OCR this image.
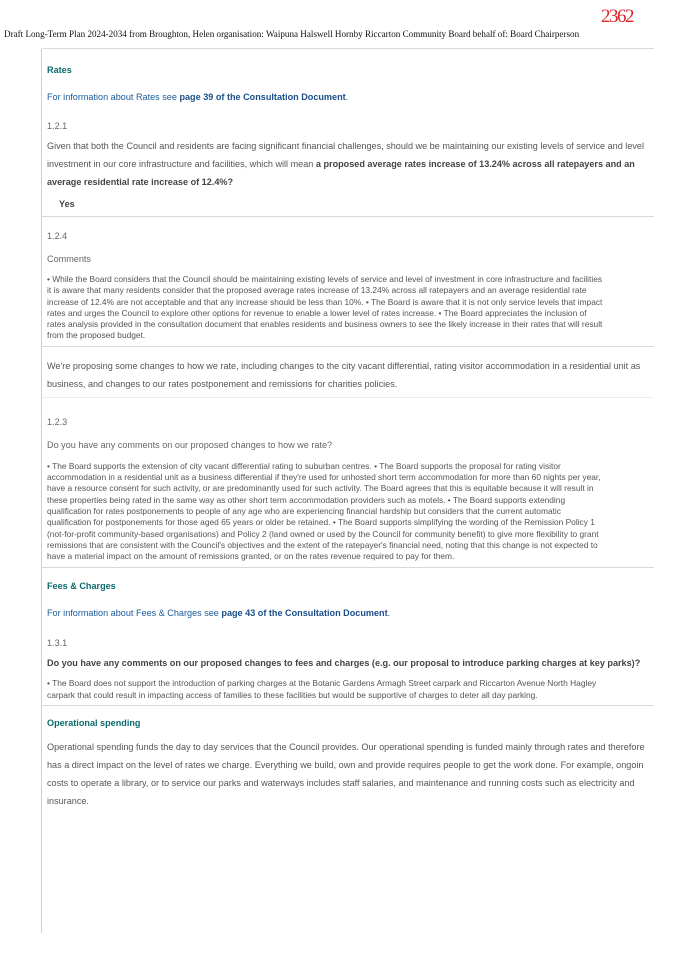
2362
Draft Long-Term Plan 2024-2034 from Broughton, Helen organisation: Waipuna Halswell Hornby Riccarton Community Board behalf of: Board Chairperson
Rates

For information about Rates see page 39 of the Consultation Document.

1.2.1

Given that both the Council and residents are facing significant financial challenges, should we be maintaining our existing levels of service and level investment in our core infrastructure and facilities, which will mean a proposed average rates increase of 13.24% across all ratepayers and an average residential rate increase of 12.4%?

Yes
1.2.4
Comments

• While the Board considers that the Council should be maintaining existing levels of service and level of investment in core infrastructure and facilities it is aware that many residents consider that the proposed average rates increase of 13.24% across all ratepayers and an average residential rate increase of 12.4% are not acceptable and that any increase should be less than 10%. • The Board is aware that it is not only service levels that impact rates and urges the Council to explore other options for revenue to enable a lower level of rates increase. • The Board appreciates the inclusion of rates analysis provided in the consultation document that enables residents and business owners to see the likely increase in their rates that will result from the proposed budget.

We're proposing some changes to how we rate, including changes to the city vacant differential, rating visitor accommodation in a residential unit as business, and changes to our rates postponement and remissions for charities policies.

1.2.3

Do you have any comments on our proposed changes to how we rate?

• The Board supports the extension of city vacant differential rating to suburban centres. • The Board supports the proposal for rating visitor accommodation in a residential unit as a business differential if they're used for unhosted short term accommodation for more than 60 nights per year, have a resource consent for such activity, or are predominantly used for such activity. The Board agrees that this is equitable because it will result in these properties being rated in the same way as other short term accommodation providers such as motels. • The Board supports extending qualification for rates postponements to people of any age who are experiencing financial hardship but considers that the current automatic qualification for postponements for those aged 65 years or older be retained. • The Board supports simplifying the wording of the Remission Policy 1 (not-for-profit community-based organisations) and Policy 2 (land owned or used by the Council for community benefit) to give more flexibility to grant remissions that are consistent with the Council's objectives and the extent of the ratepayer's financial need, noting that this change is not expected to have a material impact on the amount of remissions granted, or on the rates revenue required to pay for them.

Fees & Charges

For information about Fees & Charges see page 43 of the Consultation Document.

1.3.1

Do you have any comments on our proposed changes to fees and charges (e.g. our proposal to introduce parking charges at key parks)?

• The Board does not support the introduction of parking charges at the Botanic Gardens Armagh Street carpark and Riccarton Avenue North Hagley carpark that could result in impacting access of families to these facilities but would be supportive of charges to deter all day parking.

Operational spending

Operational spending funds the day to day services that the Council provides. Our operational spending is funded mainly through rates and therefore has a direct impact on the level of rates we charge. Everything we build, own and provide requires people to get the work done. For example, ongoin costs to operate a library, or to service our parks and waterways includes staff salaries, and maintenance and running costs such as electricity and insurance.
